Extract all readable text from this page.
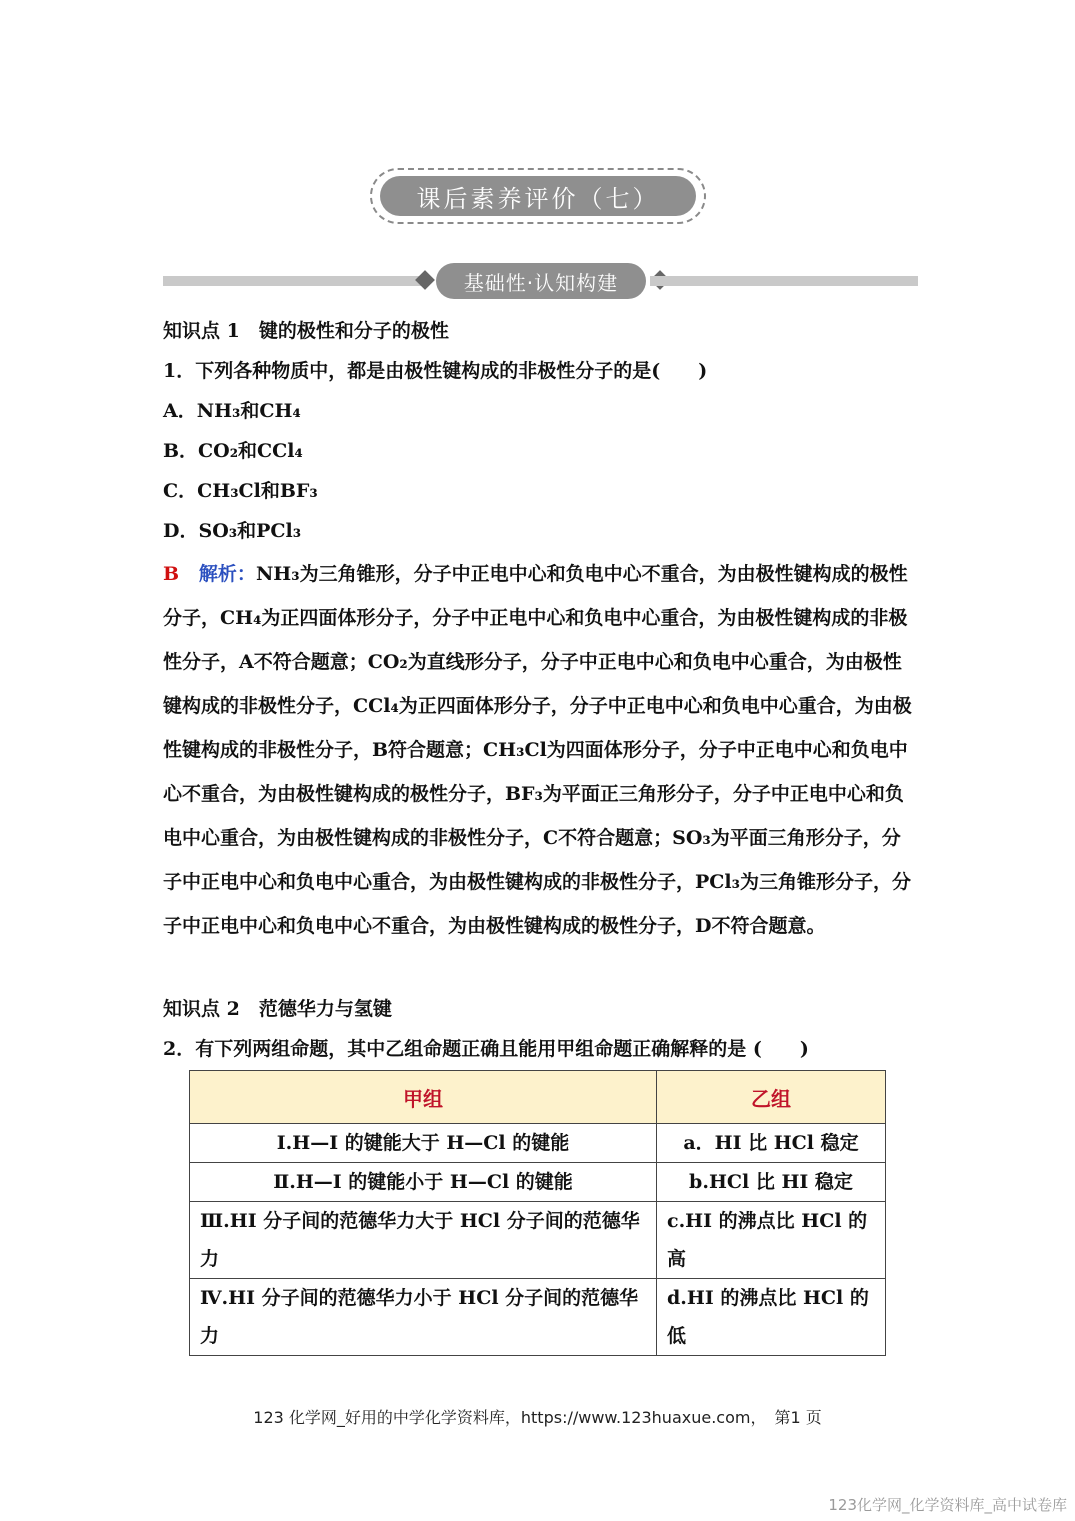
课后素养评价（七）
基础性·认知构建
知识点 1　键的极性和分子的极性
1．下列各种物质中，都是由极性键构成的非极性分子的是(　　)
A．NH₃和CH₄
B．CO₂和CCl₄
C．CH₃Cl和BF₃
D．SO₃和PCl₃
B 解析：NH₃为三角锥形，分子中正电中心和负电中心不重合，为由极性键构成的极性分子，CH₄为正四面体形分子，分子中正电中心和负电中心重合，为由极性键构成的非极性分子，A不符合题意；CO₂为直线形分子，分子中正电中心和负电中心重合，为由极性键构成的非极性分子，CCl₄为正四面体形分子，分子中正电中心和负电中心重合，为由极性键构成的非极性分子，B符合题意；CH₃Cl为四面体形分子，分子中正电中心和负电中心不重合，为由极性键构成的极性分子，BF₃为平面正三角形分子，分子中正电中心和负电中心重合，为由极性键构成的非极性分子，C不符合题意；SO₃为平面三角形分子，分子中正电中心和负电中心重合，为由极性键构成的非极性分子，PCl₃为三角锥形分子，分子中正电中心和负电中心不重合，为由极性键构成的极性分子，D不符合题意。
知识点 2　范德华力与氢键
2．有下列两组命题，其中乙组命题正确且能用甲组命题正确解释的是 (　　)
甲组	乙组
Ⅰ.H—I 的键能大于 H—Cl 的键能	a．HI 比 HCl 稳定
Ⅱ.H—I 的键能小于 H—Cl 的键能	b.HCl 比 HI 稳定
Ⅲ.HI 分子间的范德华力大于 HCl 分子间的范德华力	c.HI 的沸点比 HCl 的高
Ⅳ.HI 分子间的范德华力小于 HCl 分子间的范德华力	d.HI 的沸点比 HCl 的低
123 化学网_好用的中学化学资料库，https://www.123huaxue.com，　第1 页
123化学网_化学资料库_高中试卷库
